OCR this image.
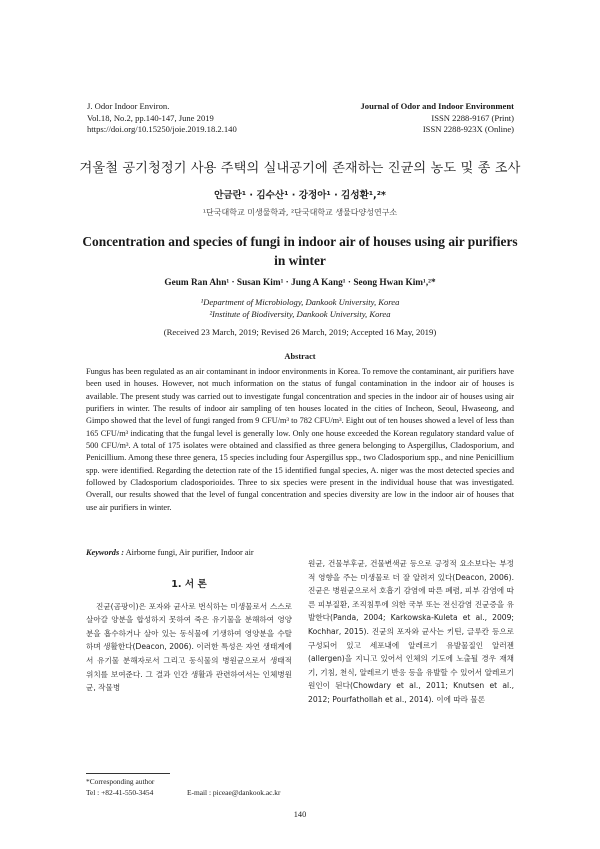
J. Odor Indoor Environ.
Vol.18, No.2, pp.140-147, June 2019
https://doi.org/10.15250/joie.2019.18.2.140
Journal of Odor and Indoor Environment
ISSN 2288-9167 (Print)
ISSN 2288-923X (Online)
겨울철 공기청정기 사용 주택의 실내공기에 존재하는 진균의 농도 및 종 조사
안금란¹ · 김수산¹ · 강정아¹ · 김성환¹,²*
¹단국대학교 미생물학과, ²단국대학교 생물다양성연구소
Concentration and species of fungi in indoor air of houses using air purifiers in winter
Geum Ran Ahn¹ · Susan Kim¹ · Jung A Kang¹ · Seong Hwan Kim¹,²*
¹Department of Microbiology, Dankook University, Korea
²Institute of Biodiversity, Dankook University, Korea
(Received 23 March, 2019; Revised 26 March, 2019; Accepted 16 May, 2019)
Abstract
Fungus has been regulated as an air contaminant in indoor environments in Korea. To remove the contaminant, air purifiers have been used in houses. However, not much information on the status of fungal contamination in the indoor air of houses is available. The present study was carried out to investigate fungal concentration and species in the indoor air of houses using air purifiers in winter. The results of indoor air sampling of ten houses located in the cities of Incheon, Seoul, Hwaseong, and Gimpo showed that the level of fungi ranged from 9 CFU/m³ to 782 CFU/m³. Eight out of ten houses showed a level of less than 165 CFU/m³ indicating that the fungal level is generally low. Only one house exceeded the Korean regulatory standard value of 500 CFU/m³. A total of 175 isolates were obtained and classified as three genera belonging to Aspergillus, Cladosporium, and Penicillium. Among these three genera, 15 species including four Aspergillus spp., two Cladosporium spp., and nine Penicillium spp. were identified. Regarding the detection rate of the 15 identified fungal species, A. niger was the most detected species and followed by Cladosporium cladosporioides. Three to six species were present in the individual house that was investigated. Overall, our results showed that the level of fungal concentration and species diversity are low in the indoor air of houses that use air purifiers in winter.
Keywords : Airborne fungi, Air purifier, Indoor air
1. 서 론

진균(곰팡이)은 포자와 균사로 번식하는 미생물로서 스스로 살아갈 양분을 합성하지 못하여 죽은 유기물을 분해하여 영양분을 흡수하거나 살아 있는 동식물에 기생하여 영양분을 수탈하며 생활한다(Deacon, 2006). 이러한 특성은 자연 생태계에서 유기물 분해자로서 그리고 동식물의 병원균으로서 생태적 위치를 보여준다. 그 결과 인간 생활과 관련하여서는 인체병원균, 작물병

원균, 건물부후균, 건물변색균 등으로 긍정적 요소보다는 부정적 영향을 주는 미생물로 더 잘 알려져 있다(Deacon, 2006). 진균은 병원균으로서 호흡기 감염에 따른 폐렴, 피부 감염에 따른 피부질환, 조직침투에 의한 국부 또는 전신감염 진균증을 유발한다(Panda, 2004; Karkowska-Kuleta et al., 2009; Kochhar, 2015). 진균의 포자와 균사는 키틴, 글루칸 등으로 구성되어 있고 세포내에 알레르기 유발물질인 알러젠(allergen)을 지니고 있어서 인체의 기도에 노출될 경우 재채기, 기침, 천식, 알레르기 반응 등을 유발할 수 있어서 알레르기 원인이 된다(Chowdary et al., 2011; Knutsen et al., 2012; Pourfathollah et al., 2014). 이에 따라 물론

*Corresponding author
Tel : +82-41-550-3454	E-mail : piceae@dankook.ac.kr
140
